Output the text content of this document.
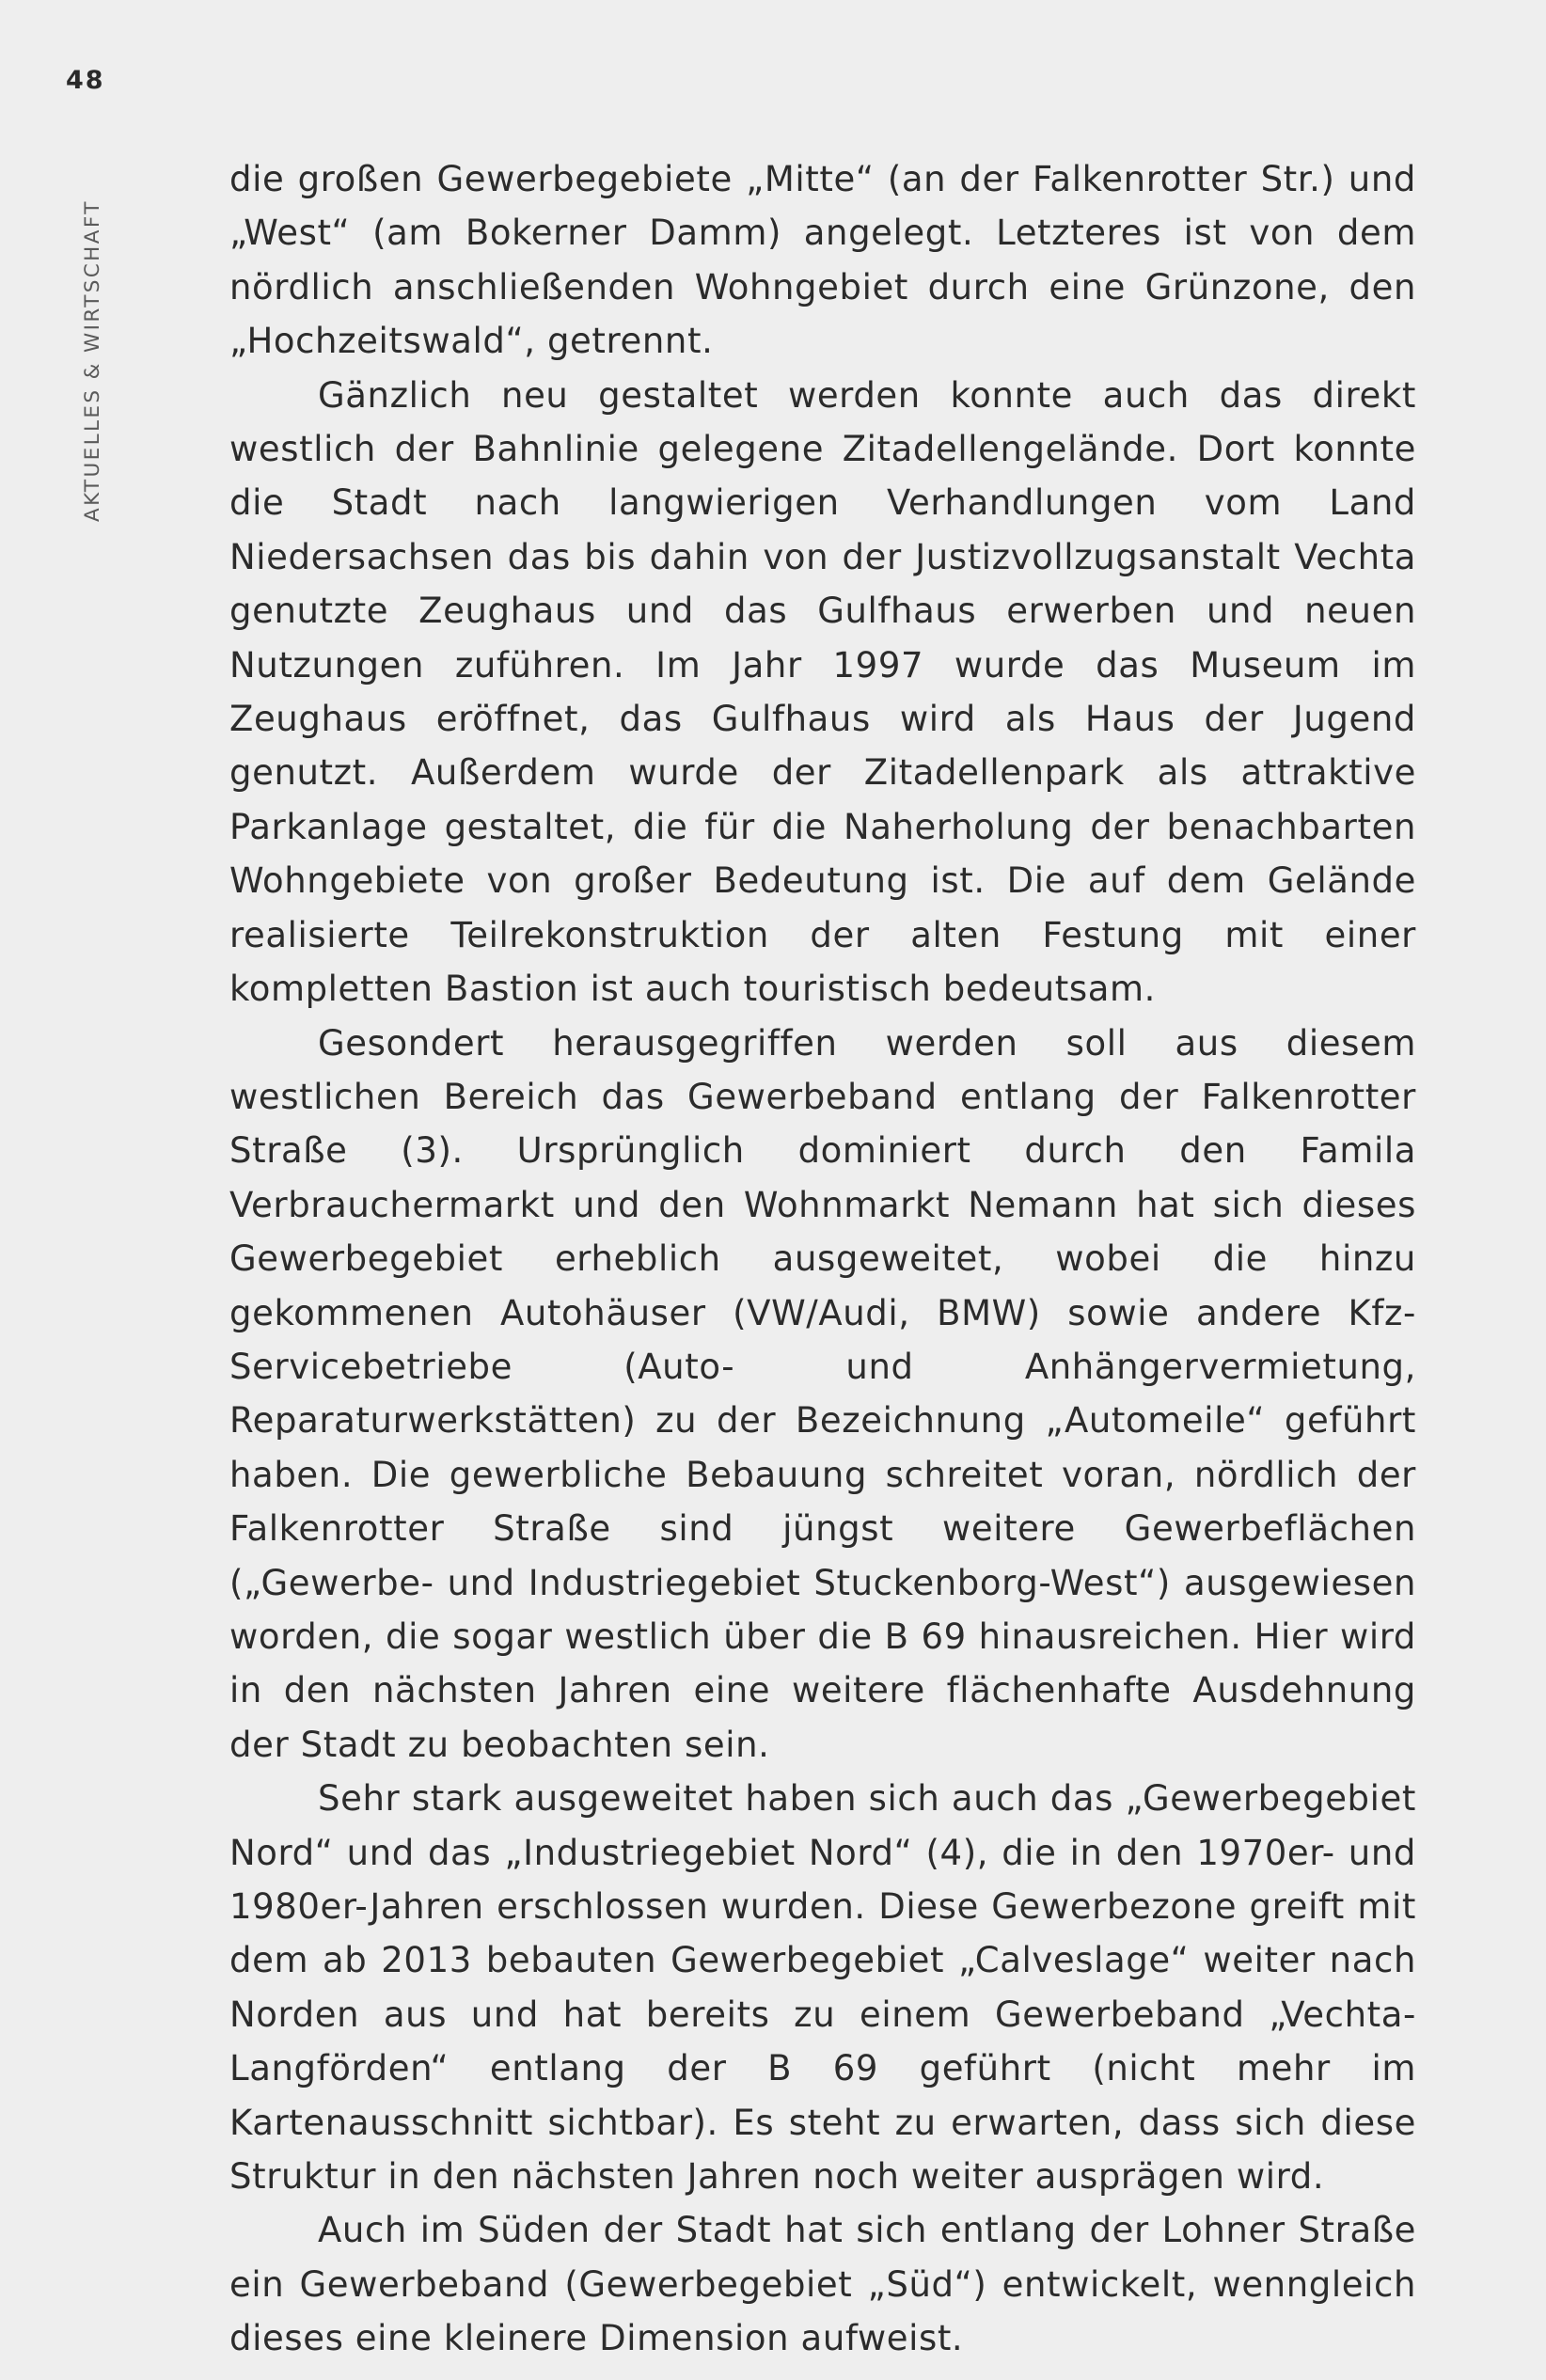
48
AKTUELLES & WIRTSCHAFT

die großen Gewerbegebiete „Mitte“ (an der Falkenrotter Str.) und „West“ (am Bokerner Damm) angelegt. Letzteres ist von dem nördlich anschließenden Wohngebiet durch eine Grünzone, den „Hochzeitswald“, getrennt.

Gänzlich neu gestaltet werden konnte auch das direkt westlich der Bahnlinie gelegene Zitadellengelände. Dort konnte die Stadt nach langwierigen Verhandlungen vom Land Niedersachsen das bis dahin von der Justizvollzugsanstalt Vechta genutzte Zeughaus und das Gulfhaus erwerben und neuen Nutzungen zuführen. Im Jahr 1997 wurde das Museum im Zeughaus eröffnet, das Gulfhaus wird als Haus der Jugend genutzt. Außerdem wurde der Zitadellenpark als attraktive Parkanlage gestaltet, die für die Naherholung der benachbarten Wohngebiete von großer Bedeutung ist. Die auf dem Gelände realisierte Teilrekonstruktion der alten Festung mit einer kompletten Bastion ist auch touristisch bedeutsam.

Gesondert herausgegriffen werden soll aus diesem westlichen Bereich das Gewerbeband entlang der Falkenrotter Straße (3). Ursprünglich dominiert durch den Famila Verbrauchermarkt und den Wohnmarkt Nemann hat sich dieses Gewerbegebiet erheblich ausgeweitet, wobei die hinzu gekommenen Autohäuser (VW/Audi, BMW) sowie andere Kfz-Servicebetriebe (Auto- und Anhängervermietung, Reparaturwerkstätten) zu der Bezeichnung „Automeile“ geführt haben. Die gewerbliche Bebauung schreitet voran, nördlich der Falkenrotter Straße sind jüngst weitere Gewerbeflächen („Gewerbe- und Industriegebiet Stuckenborg-West“) ausgewiesen worden, die sogar westlich über die B 69 hinausreichen. Hier wird in den nächsten Jahren eine weitere flächenhafte Ausdehnung der Stadt zu beobachten sein.

Sehr stark ausgeweitet haben sich auch das „Gewerbegebiet Nord“ und das „Industriegebiet Nord“ (4), die in den 1970er- und 1980er-Jahren erschlossen wurden. Diese Gewerbezone greift mit dem ab 2013 bebauten Gewerbegebiet „Calveslage“ weiter nach Norden aus und hat bereits zu einem Gewerbeband „Vechta-Langförden“ entlang der B 69 geführt (nicht mehr im Kartenausschnitt sichtbar). Es steht zu erwarten, dass sich diese Struktur in den nächsten Jahren noch weiter ausprägen wird.

Auch im Süden der Stadt hat sich entlang der Lohner Straße ein Gewerbeband (Gewerbegebiet „Süd“) entwickelt, wenngleich dieses eine kleinere Dimension aufweist.
